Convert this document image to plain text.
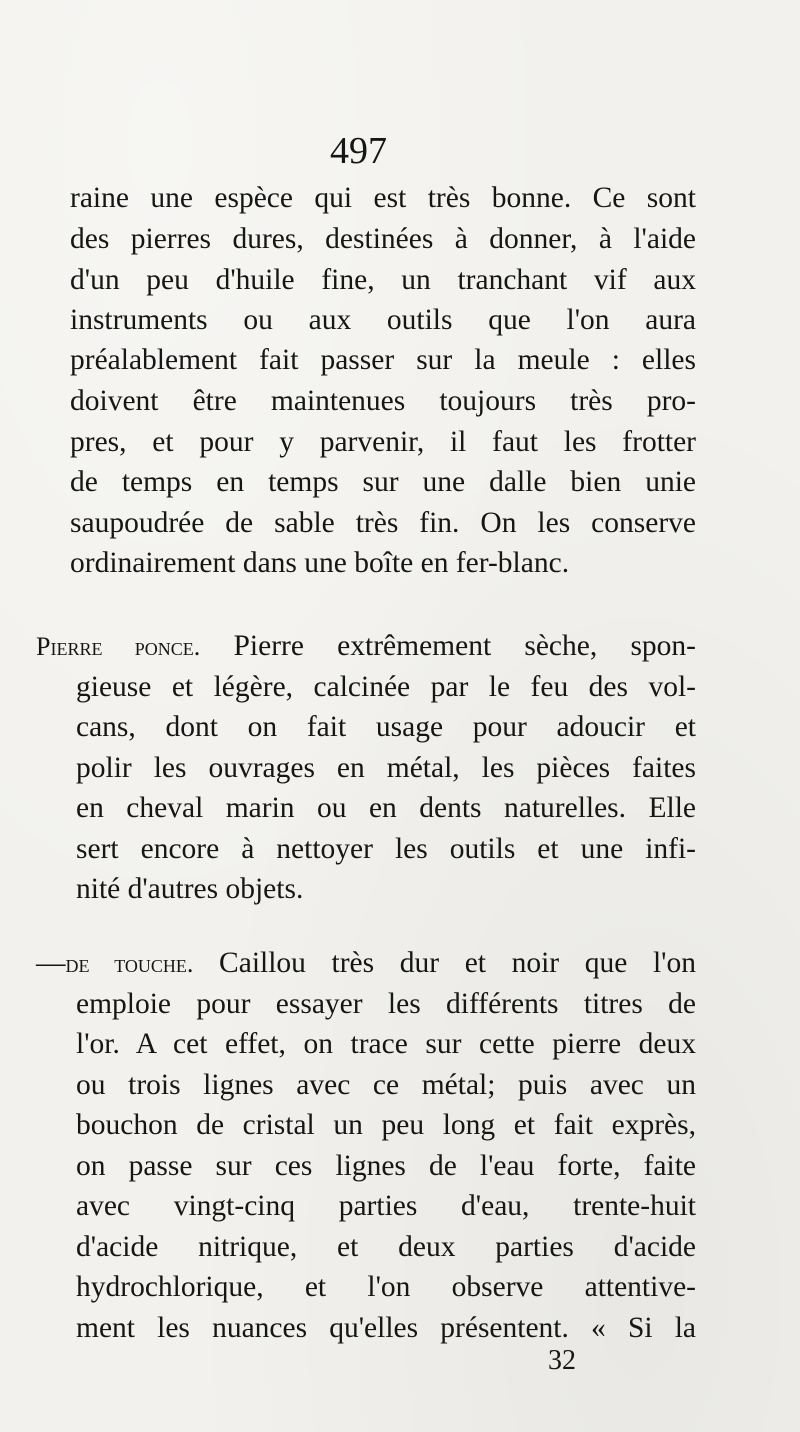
497
raine une espèce qui est très bonne. Ce sont
des pierres dures, destinées à donner, à l'aide
d'un peu d'huile fine, un tranchant vif aux
instruments ou aux outils que l'on aura
préalablement fait passer sur la meule : elles
doivent être maintenues toujours très pro-
pres, et pour y parvenir, il faut les frotter
de temps en temps sur une dalle bien unie
saupoudrée de sable très fin. On les conserve
ordinairement dans une boîte en fer-blanc.
Pierre ponce. Pierre extrêmement sèche, spon-
gieuse et légère, calcinée par le feu des vol-
cans, dont on fait usage pour adoucir et
polir les ouvrages en métal, les pièces faites
en cheval marin ou en dents naturelles. Elle
sert encore à nettoyer les outils et une infi-
nité d'autres objets.
—de touche. Caillou très dur et noir que l'on
emploie pour essayer les différents titres de
l'or. A cet effet, on trace sur cette pierre deux
ou trois lignes avec ce métal; puis avec un
bouchon de cristal un peu long et fait exprès,
on passe sur ces lignes de l'eau forte, faite
avec vingt-cinq parties d'eau, trente-huit
d'acide nitrique, et deux parties d'acide
hydrochlorique, et l'on observe attentive-
ment les nuances qu'elles présentent. « Si la
32
